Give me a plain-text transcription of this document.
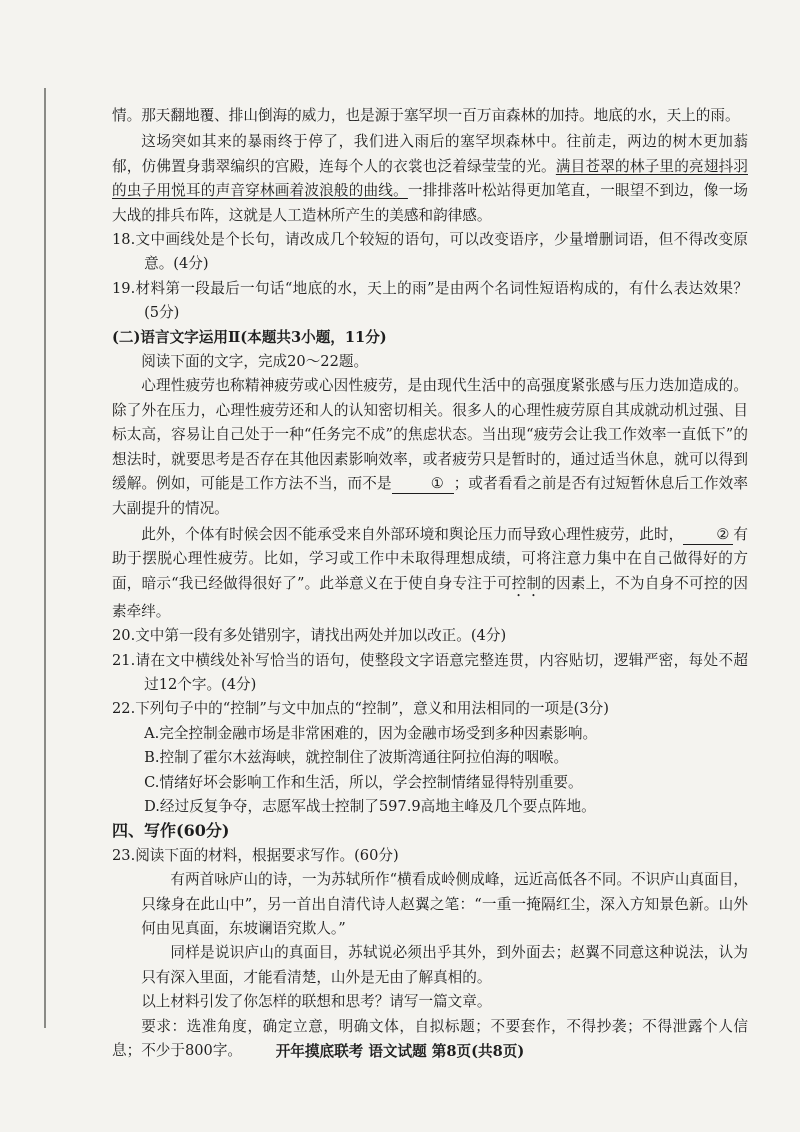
情。那天翻地覆、排山倒海的威力，也是源于塞罕坝一百万亩森林的加持。地底的水，天上的雨。

这场突如其来的暴雨终于停了，我们进入雨后的塞罕坝森林中。往前走，两边的树木更加蓊郁，仿佛置身翡翠编织的宫殿，连每个人的衣裳也泛着绿莹莹的光。满目苍翠的林子里的亮翅抖羽的虫子用悦耳的声音穿林画着波浪般的曲线。一排排落叶松站得更加笔直，一眼望不到边，像一场大战的排兵布阵，这就是人工造林所产生的美感和韵律感。

18.文中画线处是个长句，请改成几个较短的语句，可以改变语序，少量增删词语，但不得改变原意。(4分)

19.材料第一段最后一句话“地底的水，天上的雨”是由两个名词性短语构成的，有什么表达效果？(5分)

(二)语言文字运用Ⅱ(本题共3小题，11分)

阅读下面的文字，完成20～22题。

心理性疲劳也称精神疲劳或心因性疲劳，是由现代生活中的高强度紧张感与压力迭加造成的。除了外在压力，心理性疲劳还和人的认知密切相关。很多人的心理性疲劳原自其成就动机过强、目标太高，容易让自己处于一种“任务完不成”的焦虑状态。当出现“疲劳会让我工作效率一直低下”的想法时，就要思考是否存在其他因素影响效率，或者疲劳只是暂时的，通过适当休息，就可以得到缓解。例如，可能是工作方法不当，而不是	① ；或者看看之前是否有过短暂休息后工作效率大副提升的情况。

此外，个体有时候会因不能承受来自外部环境和舆论压力而导致心理性疲劳，此时， ② 有助于摆脱心理性疲劳。比如，学习或工作中未取得理想成绩，可将注意力集中在自己做得好的方面，暗示“我已经做得很好了”。此举意义在于使自身专注于可控制的因素上，不为自身不可控的因素牵绊。

20.文中第一段有多处错别字，请找出两处并加以改正。(4分)

21.请在文中横线处补写恰当的语句，使整段文字语意完整连贯，内容贴切，逻辑严密，每处不超过12个字。(4分)

22.下列句子中的“控制”与文中加点的“控制”，意义和用法相同的一项是(3分)

A.完全控制金融市场是非常困难的，因为金融市场受到多种因素影响。

B.控制了霍尔木兹海峡，就控制住了波斯湾通往阿拉伯海的咽喉。

C.情绪好坏会影响工作和生活，所以，学会控制情绪显得特别重要。

D.经过反复争夺，志愿军战士控制了597.9高地主峰及几个要点阵地。

四、写作(60分)

23.阅读下面的材料，根据要求写作。(60分)

有两首咏庐山的诗，一为苏轼所作“横看成岭侧成峰，远近高低各不同。不识庐山真面目，只缘身在此山中”，另一首出自清代诗人赵翼之笔：“一重一掩隔红尘，深入方知景色新。山外何由见真面，东坡谰语究欺人。”

同样是说识庐山的真面目，苏轼说必须出乎其外，到外面去；赵翼不同意这种说法，认为只有深入里面，才能看清楚，山外是无由了解真相的。

以上材料引发了你怎样的联想和思考？请写一篇文章。

要求：选准角度，确定立意，明确文体，自拟标题；不要套作，不得抄袭；不得泄露个人信息；不少于800字。	开年摸底联考 语文试题 第8页(共8页)
